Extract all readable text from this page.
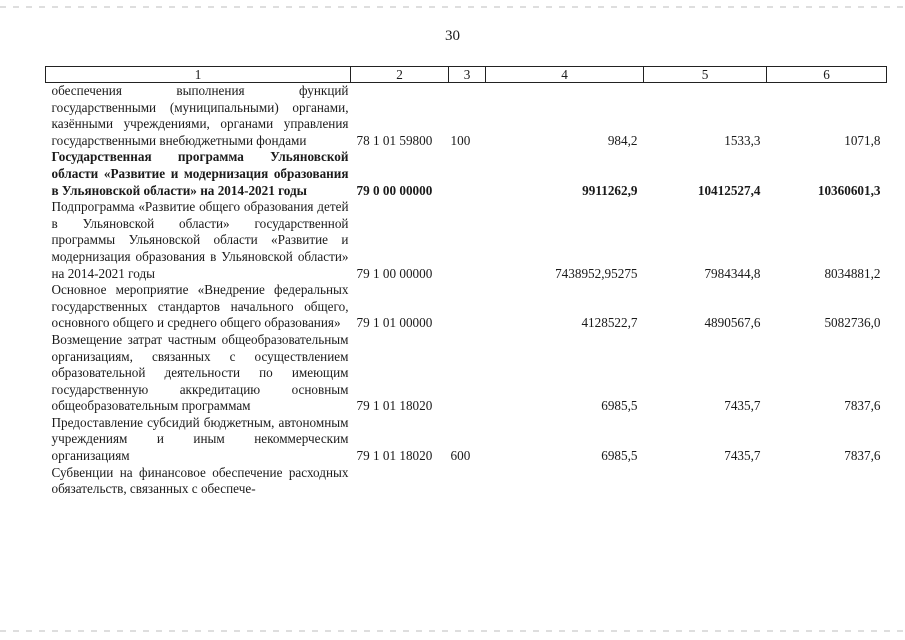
30
1	2	3	4	5	6
обеспечения выполнения функций государственными (муниципальными) органами, казёнными учреждениями, органами управления государственными внебюджетными фондами	78 1 01 59800	100	984,2	1533,3	1071,8
Государственная программа Ульяновской области «Развитие и модернизация образования в Ульяновской области» на 2014-2021 годы	79 0 00 00000		9911262,9	10412527,4	10360601,3
Подпрограмма «Развитие общего образования детей в Ульяновской области» государственной программы Ульяновской области «Развитие и модернизация образования в Ульяновской области» на 2014-2021 годы	79 1 00 00000		7438952,95275	7984344,8	8034881,2
Основное мероприятие «Внедрение федеральных государственных стандартов начального общего, основного общего и среднего общего образования»	79 1 01 00000		4128522,7	4890567,6	5082736,0
Возмещение затрат частным общеобразовательным организациям, связанных с осуществлением образовательной деятельности по имеющим государственную аккредитацию основным общеобразовательным программам	79 1 01 18020		6985,5	7435,7	7837,6
Предоставление субсидий бюджетным, автономным учреждениям и иным некоммерческим организациям	79 1 01 18020	600	6985,5	7435,7	7837,6
Субвенции на финансовое обеспечение расходных обязательств, связанных с обеспече-					
